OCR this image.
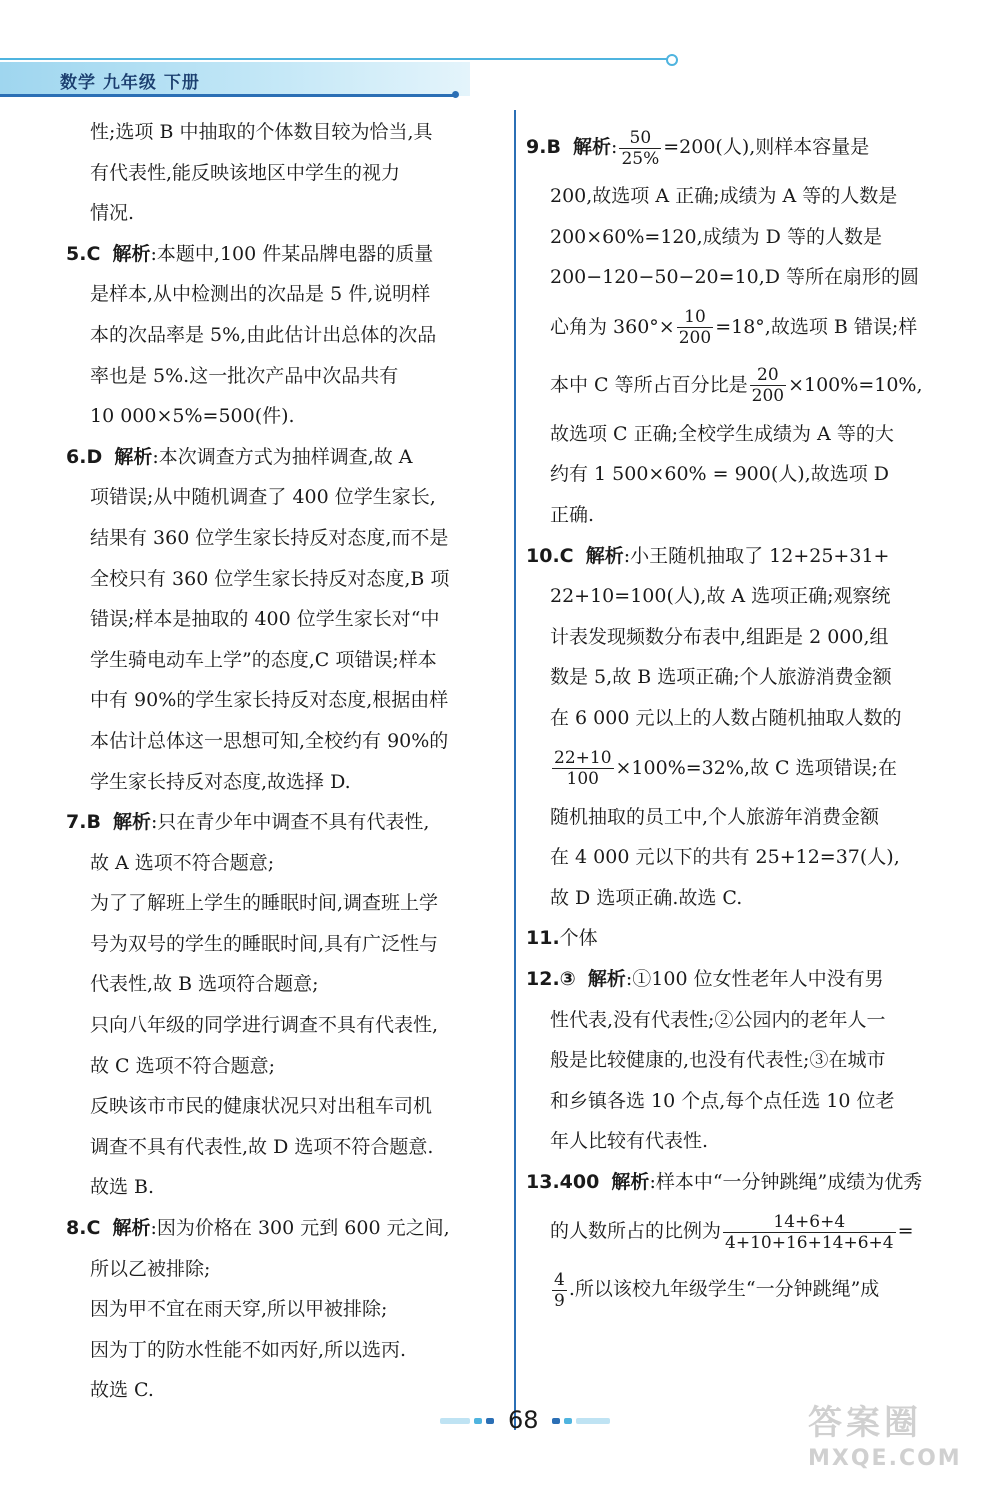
数学 九年级 下册

性;选项 B 中抽取的个体数目较为恰当,具

有代表性,能反映该地区中学生的视力

情况.

5.C 解析:本题中,100 件某品牌电器的质量

是样本,从中检测出的次品是 5 件,说明样

本的次品率是 5%,由此估计出总体的次品

率也是 5%.这一批次产品中次品共有

10 000×5%=500(件).

6.D 解析:本次调查方式为抽样调查,故 A

项错误;从中随机调查了 400 位学生家长,

结果有 360 位学生家长持反对态度,而不是

全校只有 360 位学生家长持反对态度,B 项

错误;样本是抽取的 400 位学生家长对“中

学生骑电动车上学”的态度,C 项错误;样本

中有 90%的学生家长持反对态度,根据由样

本估计总体这一思想可知,全校约有 90%的

学生家长持反对态度,故选择 D.

7.B 解析:只在青少年中调查不具有代表性,

故 A 选项不符合题意;

为了了解班上学生的睡眠时间,调查班上学

号为双号的学生的睡眠时间,具有广泛性与

代表性,故 B 选项符合题意;

只向八年级的同学进行调查不具有代表性,

故 C 选项不符合题意;

反映该市市民的健康状况只对出租车司机

调查不具有代表性,故 D 选项不符合题意.

故选 B.

8.C 解析:因为价格在 300 元到 600 元之间,

所以乙被排除;

因为甲不宜在雨天穿,所以甲被排除;

因为丁的防水性能不如丙好,所以选丙.

故选 C.

9.B 解析: $\frac{50}{25\%} =200$(人),则样本容量是

200,故选项 A 正确;成绩为 A 等的人数是

200×60%=120,成绩为 D 等的人数是

200−120−50−20=10,D 等所在扇形的圆

心角为 $360^\circ\times \frac{10}{200} =18^\circ$,故选项 B 错误;样

本中 C 等所占百分比是 $\frac{20}{200} \times 100\%=10\%$,

故选项 C 正确;全校学生成绩为 A 等的大

约有 1 500×60% = 900(人),故选项 D

正确.

10.C 解析:小王随机抽取了 12+25+31+

22+10=100(人),故 A 选项正确;观察统

计表发现频数分布表中,组距是 2 000,组

数是 5,故 B 选项正确;个人旅游消费金额

在 6 000 元以上的人数占随机抽取人数的

$\frac{22+10}{100} \times 100\%=32\%$,故 C 选项错误;在

随机抽取的员工中,个人旅游年消费金额

在 4 000 元以下的共有 25+12=37(人),

故 D 选项正确.故选 C.

11.个体

12.③ 解析:①100 位女性老年人中没有男

性代表,没有代表性;②公园内的老年人一

般是比较健康的,也没有代表性;③在城市

和乡镇各选 10 个点,每个点任选 10 位老

年人比较有代表性.

13.400 解析:样本中“一分钟跳绳”成绩为优秀

的人数所占的比例为 $\frac{14+6+4}{4+10+16+14+6+4}$ =

$\frac{4}{9}$ .所以该校九年级学生“一分钟跳绳”成

68	答案圈
MXQE.COM
